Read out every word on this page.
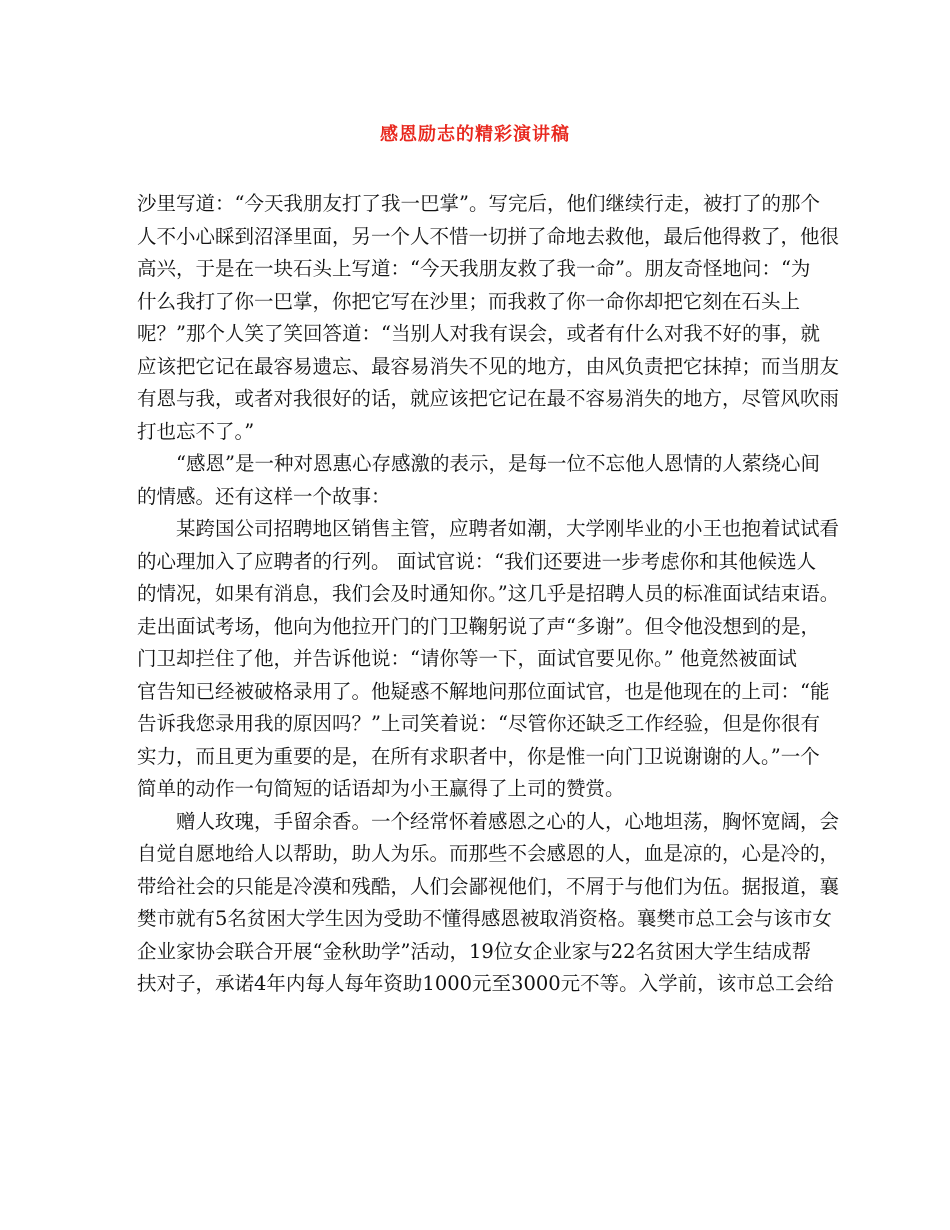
感恩励志的精彩演讲稿
沙里写道：“今天我朋友打了我一巴掌”。写完后，他们继续行走，被打了的那个
人不小心睬到沼泽里面，另一个人不惜一切拼了命地去救他，最后他得救了，他很
高兴，于是在一块石头上写道：“今天我朋友救了我一命”。朋友奇怪地问：“为
什么我打了你一巴掌，你把它写在沙里；而我救了你一命你却把它刻在石头上
呢？”那个人笑了笑回答道：“当别人对我有误会，或者有什么对我不好的事，就
应该把它记在最容易遗忘、最容易消失不见的地方，由风负责把它抹掉；而当朋友
有恩与我，或者对我很好的话，就应该把它记在最不容易消失的地方，尽管风吹雨
打也忘不了。”
“感恩”是一种对恩惠心存感激的表示，是每一位不忘他人恩情的人萦绕心间
的情感。还有这样一个故事：
某跨国公司招聘地区销售主管，应聘者如潮，大学刚毕业的小王也抱着试试看
的心理加入了应聘者的行列。 面试官说：“我们还要进一步考虑你和其他候选人
的情况，如果有消息，我们会及时通知你。”这几乎是招聘人员的标准面试结束语。
走出面试考场，他向为他拉开门的门卫鞠躬说了声“多谢”。但令他没想到的是，
门卫却拦住了他，并告诉他说：“请你等一下，面试官要见你。” 他竟然被面试
官告知已经被破格录用了。他疑惑不解地问那位面试官，也是他现在的上司：“能
告诉我您录用我的原因吗？”上司笑着说：“尽管你还缺乏工作经验，但是你很有
实力，而且更为重要的是，在所有求职者中，你是惟一向门卫说谢谢的人。”一个
简单的动作一句简短的话语却为小王赢得了上司的赞赏。
赠人玫瑰，手留余香。一个经常怀着感恩之心的人，心地坦荡，胸怀宽阔，会
自觉自愿地给人以帮助，助人为乐。而那些不会感恩的人，血是凉的，心是冷的，
带给社会的只能是冷漠和残酷，人们会鄙视他们，不屑于与他们为伍。据报道，襄
樊市就有5名贫困大学生因为受助不懂得感恩被取消资格。襄樊市总工会与该市女
企业家协会联合开展“金秋助学”活动，19位女企业家与22名贫困大学生结成帮
扶对子，承诺4年内每人每年资助1000元至3000元不等。入学前，该市总工会给
